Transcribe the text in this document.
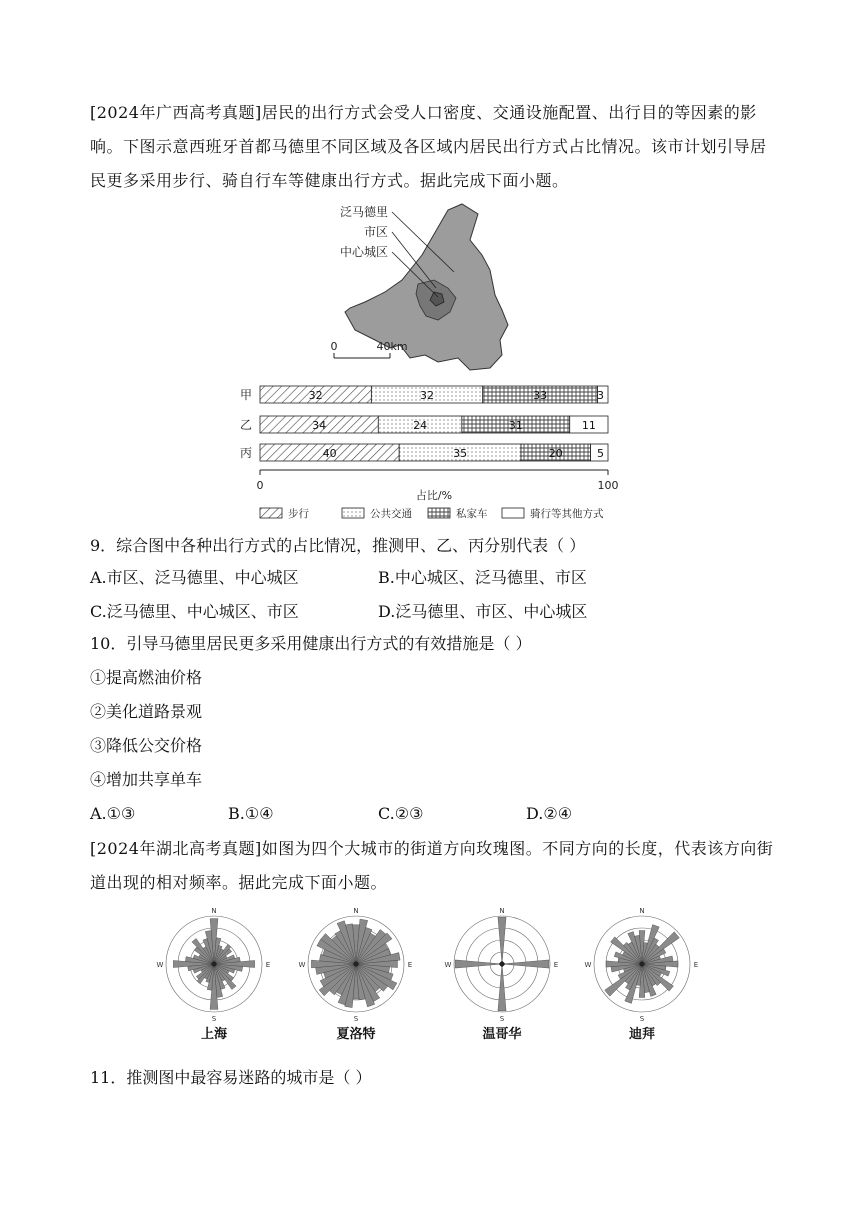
[2024年广西高考真题]居民的出行方式会受人口密度、交通设施配置、出行目的等因素的影响。下图示意西班牙首都马德里不同区域及各区域内居民出行方式占比情况。该市计划引导居民更多采用步行、骑自行车等健康出行方式。据此完成下面小题。
泛马德里
市区
中心城区
0	40km
甲	32	32	33	3
乙	34	24	31	11
丙	40	35	20	5
0	100
占比/%
步行	公共交通	私家车	骑行等其他方式
9．综合图中各种出行方式的占比情况，推测甲、乙、丙分别代表（ ）
A.市区、泛马德里、中心城区	B.中心城区、泛马德里、市区
C.泛马德里、中心城区、市区	D.泛马德里、市区、中心城区
10．引导马德里居民更多采用健康出行方式的有效措施是（ ）
①提高燃油价格
②美化道路景观
③降低公交价格
④增加共享单车
A.①③	B.①④	C.②③	D.②④
[2024年湖北高考真题]如图为四个大城市的街道方向玫瑰图。不同方向的长度，代表该方向街道出现的相对频率。据此完成下面小题。
N
S
E
W
上海
N
S
E
W
夏洛特
N
S
E
W
温哥华
N
S
E
W
迪拜
11．推测图中最容易迷路的城市是（ ）
